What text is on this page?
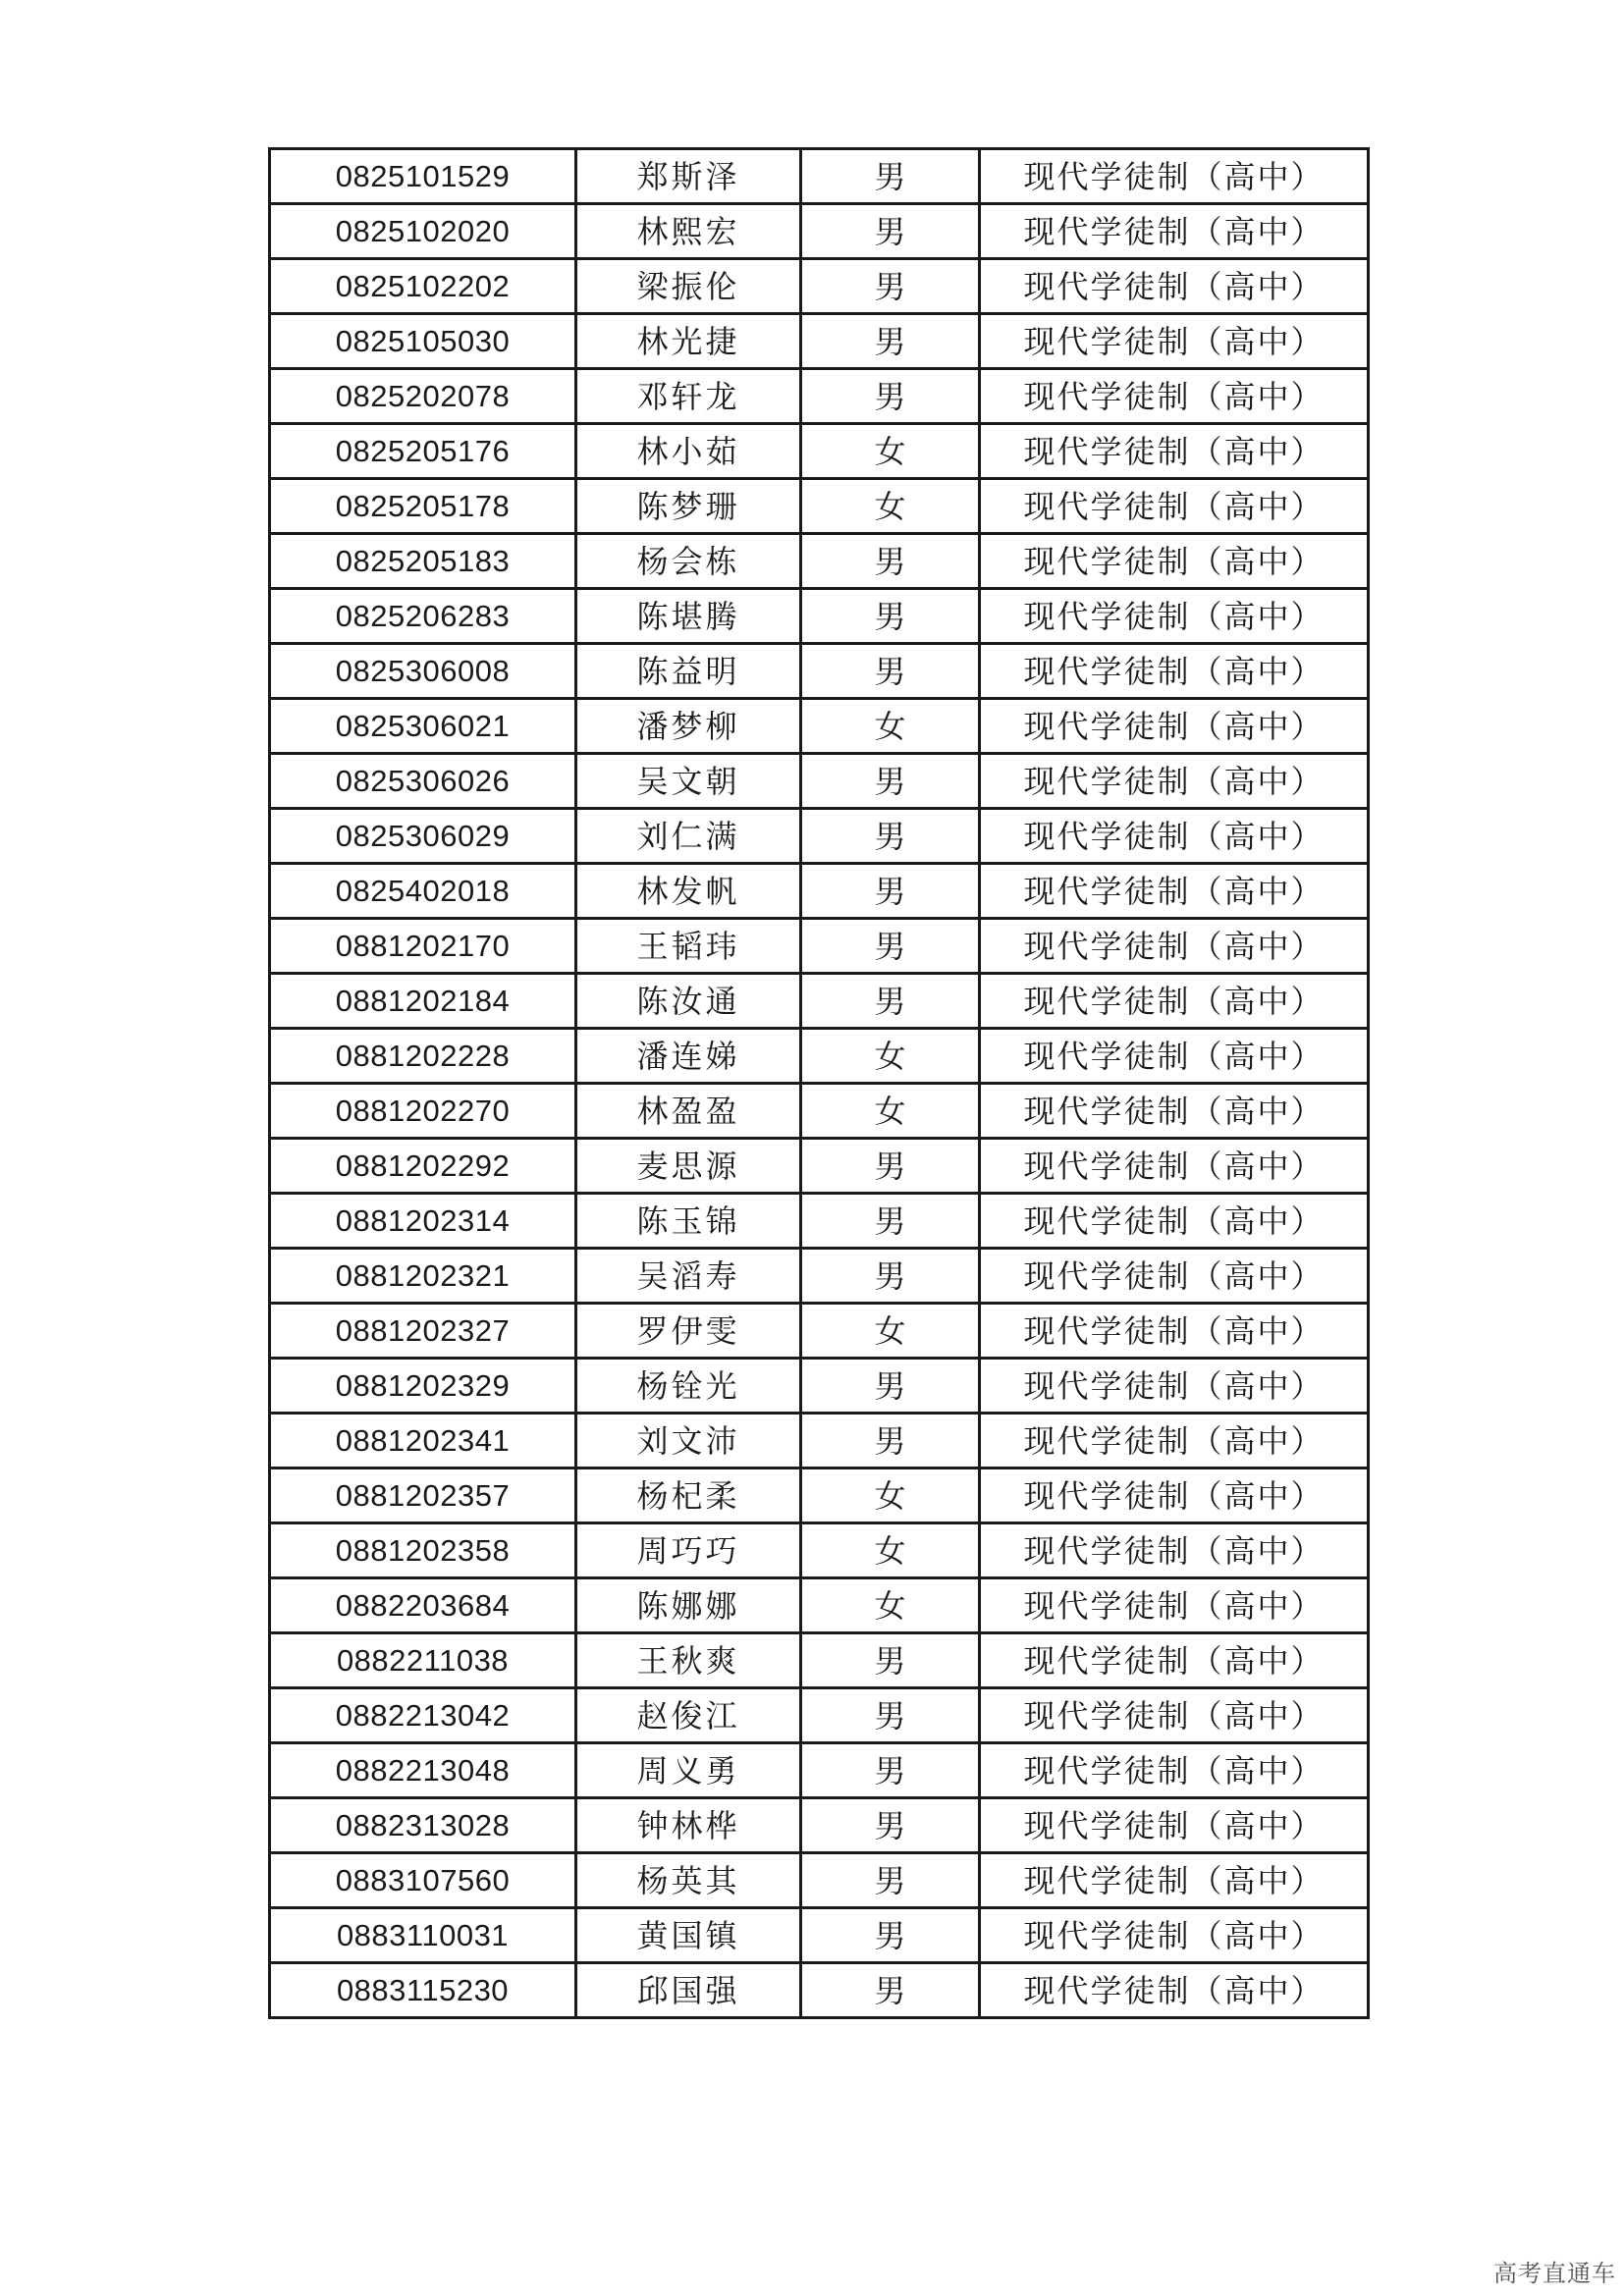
0825101529	郑斯泽	男	现代学徒制（高中）
0825102020	林熙宏	男	现代学徒制（高中）
0825102202	梁振伦	男	现代学徒制（高中）
0825105030	林光捷	男	现代学徒制（高中）
0825202078	邓轩龙	男	现代学徒制（高中）
0825205176	林小茹	女	现代学徒制（高中）
0825205178	陈梦珊	女	现代学徒制（高中）
0825205183	杨会栋	男	现代学徒制（高中）
0825206283	陈堪腾	男	现代学徒制（高中）
0825306008	陈益明	男	现代学徒制（高中）
0825306021	潘梦柳	女	现代学徒制（高中）
0825306026	吴文朝	男	现代学徒制（高中）
0825306029	刘仁满	男	现代学徒制（高中）
0825402018	林发帆	男	现代学徒制（高中）
0881202170	王韬玮	男	现代学徒制（高中）
0881202184	陈汝通	男	现代学徒制（高中）
0881202228	潘连娣	女	现代学徒制（高中）
0881202270	林盈盈	女	现代学徒制（高中）
0881202292	麦思源	男	现代学徒制（高中）
0881202314	陈玉锦	男	现代学徒制（高中）
0881202321	吴滔寿	男	现代学徒制（高中）
0881202327	罗伊雯	女	现代学徒制（高中）
0881202329	杨铨光	男	现代学徒制（高中）
0881202341	刘文沛	男	现代学徒制（高中）
0881202357	杨杞柔	女	现代学徒制（高中）
0881202358	周巧巧	女	现代学徒制（高中）
0882203684	陈娜娜	女	现代学徒制（高中）
0882211038	王秋爽	男	现代学徒制（高中）
0882213042	赵俊江	男	现代学徒制（高中）
0882213048	周义勇	男	现代学徒制（高中）
0882313028	钟林桦	男	现代学徒制（高中）
0883107560	杨英其	男	现代学徒制（高中）
0883110031	黄国镇	男	现代学徒制（高中）
0883115230	邱国强	男	现代学徒制（高中）
高考直通车
